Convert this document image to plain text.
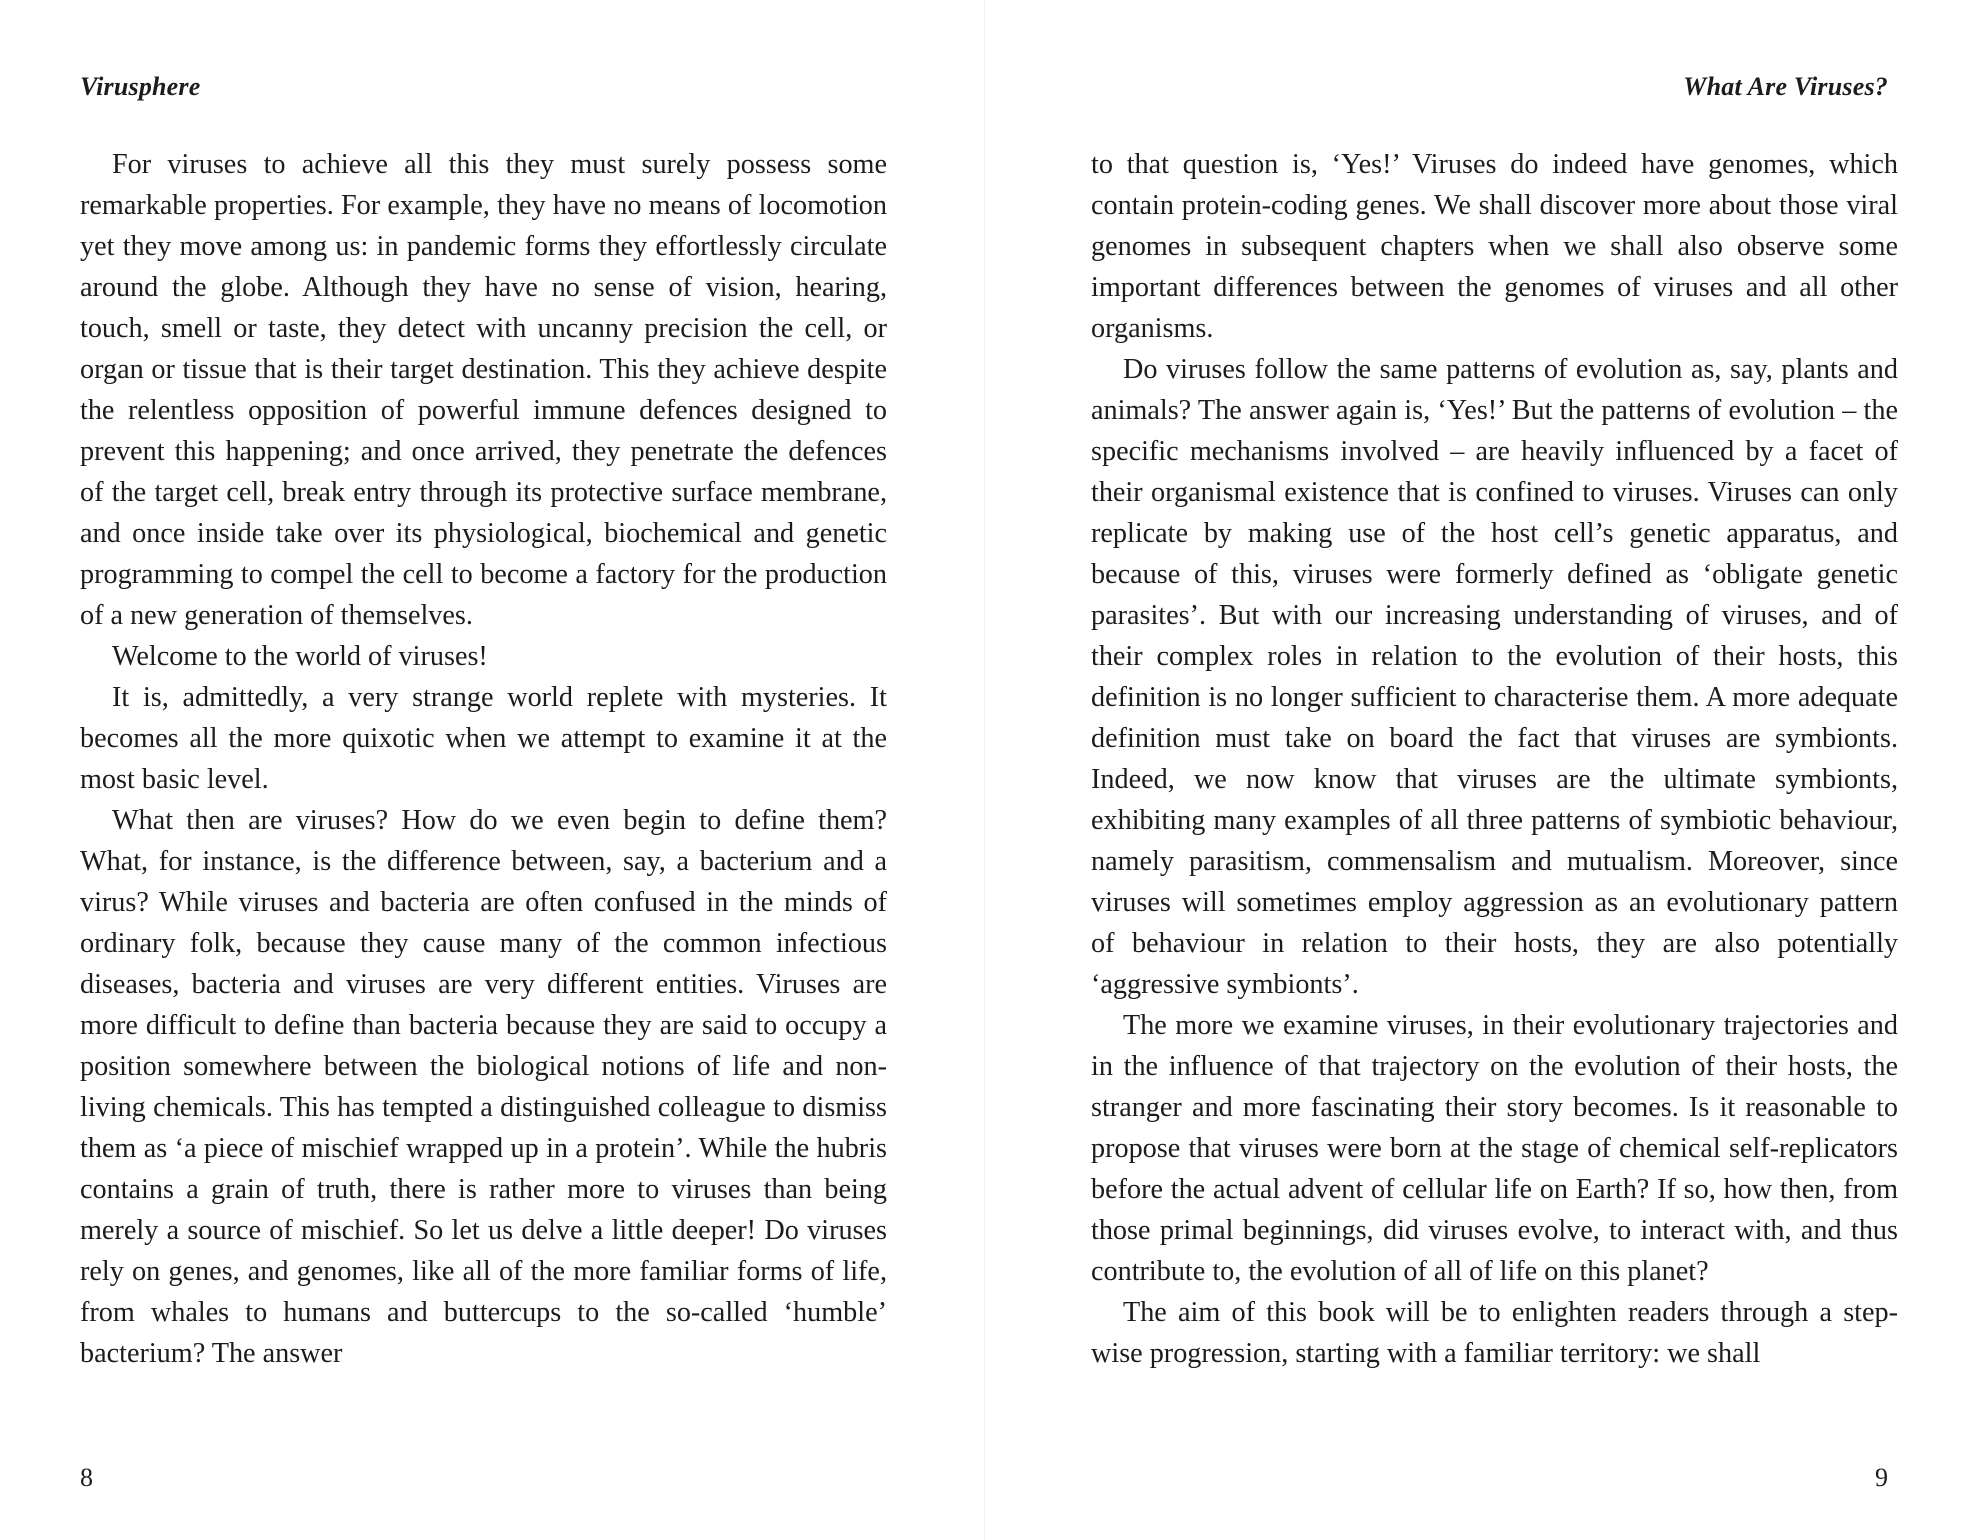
Virusphere

For viruses to achieve all this they must surely possess some remarkable properties. For example, they have no means of locomotion yet they move among us: in pandemic forms they effortlessly circulate around the globe. Although they have no sense of vision, hearing, touch, smell or taste, they detect with uncanny precision the cell, or organ or tissue that is their target destination. This they achieve despite the relentless opposition of powerful immune defences designed to prevent this happening; and once arrived, they penetrate the defences of the target cell, break entry through its protective surface membrane, and once inside take over its physiological, biochemical and genetic programming to compel the cell to become a factory for the production of a new generation of themselves.

Welcome to the world of viruses!

It is, admittedly, a very strange world replete with mysteries. It becomes all the more quixotic when we attempt to examine it at the most basic level.

What then are viruses? How do we even begin to define them? What, for instance, is the difference between, say, a bacterium and a virus? While viruses and bacteria are often confused in the minds of ordinary folk, because they cause many of the common infectious diseases, bacteria and viruses are very different entities. Viruses are more difficult to define than bacteria because they are said to occupy a position somewhere between the biological notions of life and non-living chemicals. This has tempted a distinguished colleague to dismiss them as ‘a piece of mischief wrapped up in a protein’. While the hubris contains a grain of truth, there is rather more to viruses than being merely a source of mischief. So let us delve a little deeper! Do viruses rely on genes, and genomes, like all of the more familiar forms of life, from whales to humans and buttercups to the so-called ‘humble’ bacterium? The answer

8
What Are Viruses?

to that question is, ‘Yes!’ Viruses do indeed have genomes, which contain protein-coding genes. We shall discover more about those viral genomes in subsequent chapters when we shall also observe some important differences between the genomes of viruses and all other organisms.

Do viruses follow the same patterns of evolution as, say, plants and animals? The answer again is, ‘Yes!’ But the patterns of evolution – the specific mechanisms involved – are heavily influenced by a facet of their organismal existence that is confined to viruses. Viruses can only replicate by making use of the host cell’s genetic apparatus, and because of this, viruses were formerly defined as ‘obligate genetic parasites’. But with our increasing understanding of viruses, and of their complex roles in relation to the evolution of their hosts, this definition is no longer sufficient to characterise them. A more adequate definition must take on board the fact that viruses are symbionts. Indeed, we now know that viruses are the ultimate symbionts, exhibiting many examples of all three patterns of symbiotic behaviour, namely parasitism, commensalism and mutualism. Moreover, since viruses will sometimes employ aggression as an evolutionary pattern of behaviour in relation to their hosts, they are also potentially ‘aggressive symbionts’.

The more we examine viruses, in their evolutionary trajectories and in the influence of that trajectory on the evolution of their hosts, the stranger and more fascinating their story becomes. Is it reasonable to propose that viruses were born at the stage of chemical self-replicators before the actual advent of cellular life on Earth? If so, how then, from those primal beginnings, did viruses evolve, to interact with, and thus contribute to, the evolution of all of life on this planet?

The aim of this book will be to enlighten readers through a step-wise progression, starting with a familiar territory: we shall

9
